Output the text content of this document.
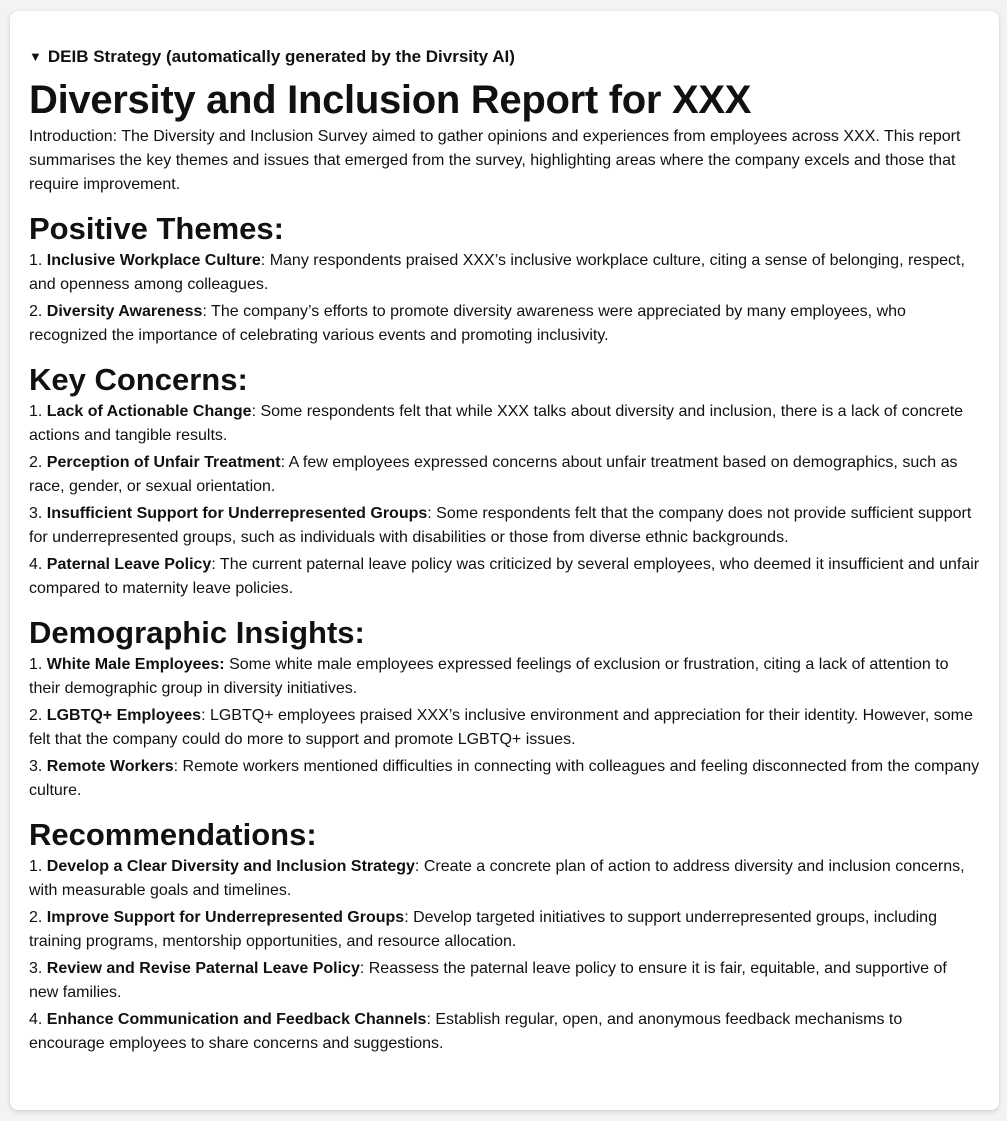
▼ DEIB Strategy (automatically generated by the Divrsity AI)
Diversity and Inclusion Report for XXX

Introduction: The Diversity and Inclusion Survey aimed to gather opinions and experiences from employees across XXX. This report summarises the key themes and issues that emerged from the survey, highlighting areas where the company excels and those that require improvement.

Positive Themes:
1. Inclusive Workplace Culture: Many respondents praised XXX’s inclusive workplace culture, citing a sense of belonging, respect, and openness among colleagues.
2. Diversity Awareness: The company’s efforts to promote diversity awareness were appreciated by many employees, who recognized the importance of celebrating various events and promoting inclusivity.
Key Concerns:
1. Lack of Actionable Change: Some respondents felt that while XXX talks about diversity and inclusion, there is a lack of concrete actions and tangible results.
2. Perception of Unfair Treatment: A few employees expressed concerns about unfair treatment based on demographics, such as race, gender, or sexual orientation.
3. Insufficient Support for Underrepresented Groups: Some respondents felt that the company does not provide sufficient support for underrepresented groups, such as individuals with disabilities or those from diverse ethnic backgrounds.
4. Paternal Leave Policy: The current paternal leave policy was criticized by several employees, who deemed it insufficient and unfair compared to maternity leave policies.
Demographic Insights:
1. White Male Employees: Some white male employees expressed feelings of exclusion or frustration, citing a lack of attention to their demographic group in diversity initiatives.
2. LGBTQ+ Employees: LGBTQ+ employees praised XXX’s inclusive environment and appreciation for their identity. However, some felt that the company could do more to support and promote LGBTQ+ issues.
3. Remote Workers: Remote workers mentioned difficulties in connecting with colleagues and feeling disconnected from the company culture.
Recommendations:
1. Develop a Clear Diversity and Inclusion Strategy: Create a concrete plan of action to address diversity and inclusion concerns, with measurable goals and timelines.
2. Improve Support for Underrepresented Groups: Develop targeted initiatives to support underrepresented groups, including training programs, mentorship opportunities, and resource allocation.
3. Review and Revise Paternal Leave Policy: Reassess the paternal leave policy to ensure it is fair, equitable, and supportive of new families.
4. Enhance Communication and Feedback Channels: Establish regular, open, and anonymous feedback mechanisms to encourage employees to share concerns and suggestions.
